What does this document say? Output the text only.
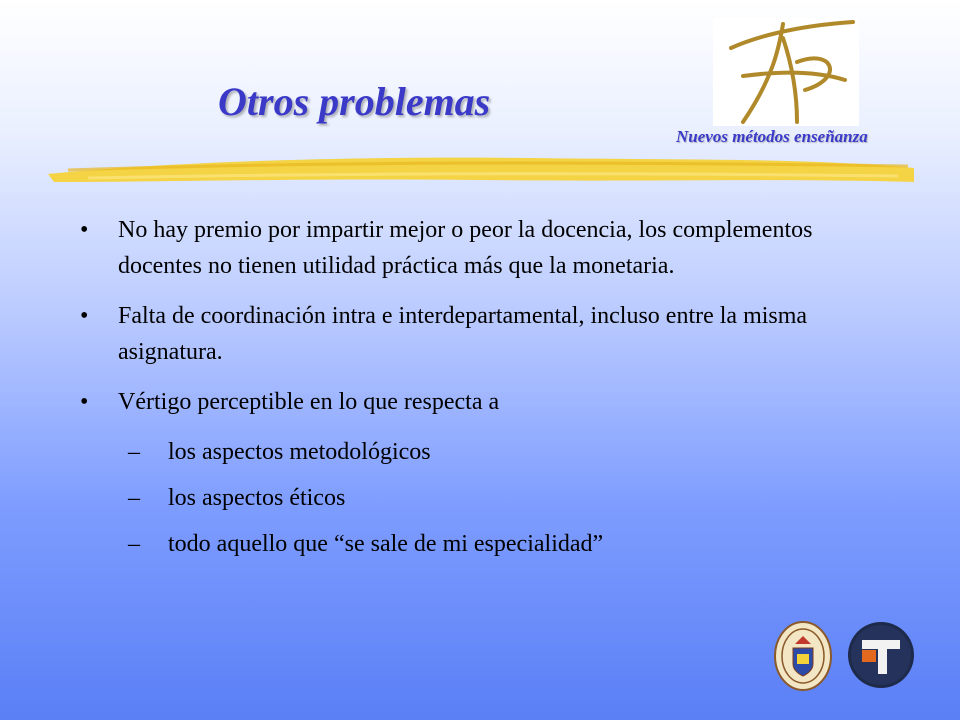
Otros problemas
Nuevos métodos enseñanza
• No hay premio por impartir mejor o peor la docencia, los complementos docentes no tienen utilidad práctica más que la monetaria.
• Falta de coordinación intra e interdepartamental, incluso entre la misma asignatura.
• Vértigo perceptible en lo que respecta a
– los aspectos metodológicos
– los aspectos éticos
– todo aquello que “se sale de mi especialidad”
